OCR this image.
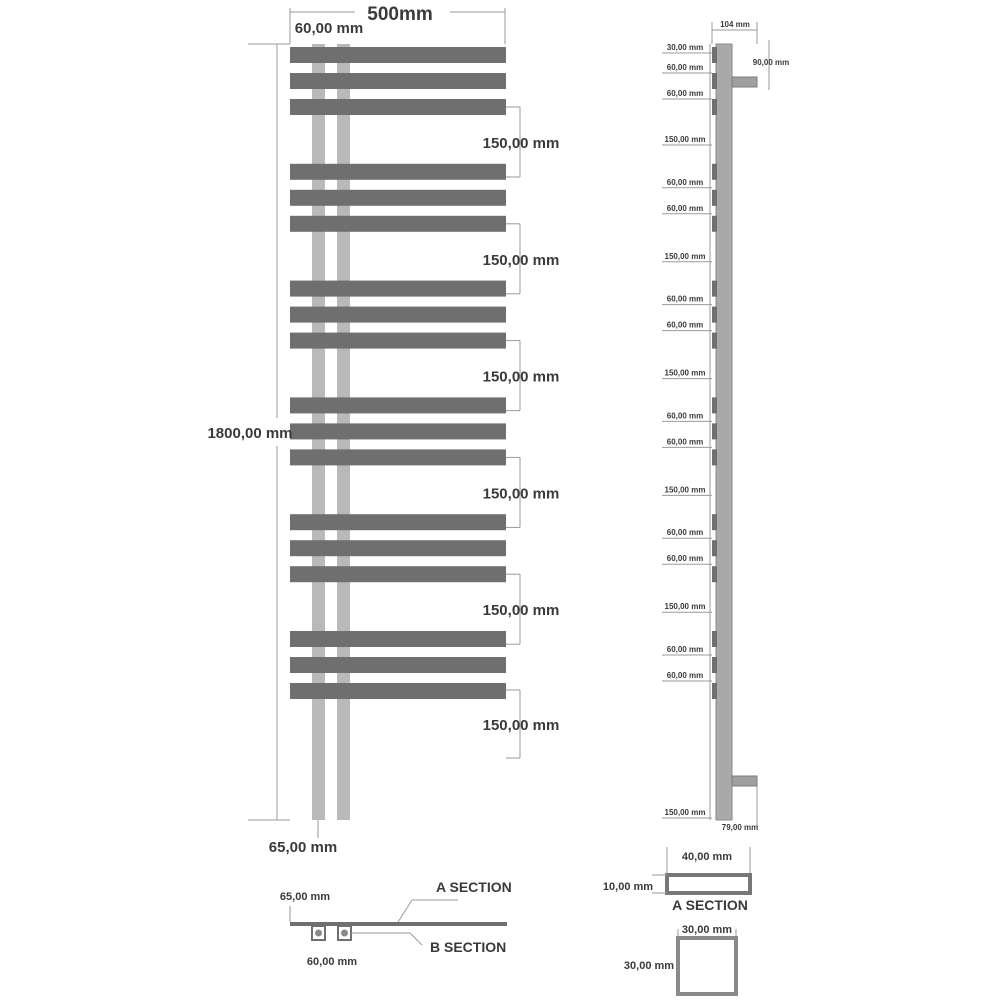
500mm
60,00 mm
150,00 mm
150,00 mm
150,00 mm
150,00 mm
150,00 mm
150,00 mm
1800,00 mm
65,00 mm
104 mm
90,00 mm
79,00 mm
30,00 mm
60,00 mm
60,00 mm
150,00 mm
60,00 mm
60,00 mm
150,00 mm
60,00 mm
60,00 mm
150,00 mm
60,00 mm
60,00 mm
150,00 mm
60,00 mm
60,00 mm
150,00 mm
60,00 mm
60,00 mm
150,00 mm
65,00 mm
60,00 mm
A SECTION
B SECTION
40,00 mm
10,00 mm
A SECTION
30,00 mm
30,00 mm
